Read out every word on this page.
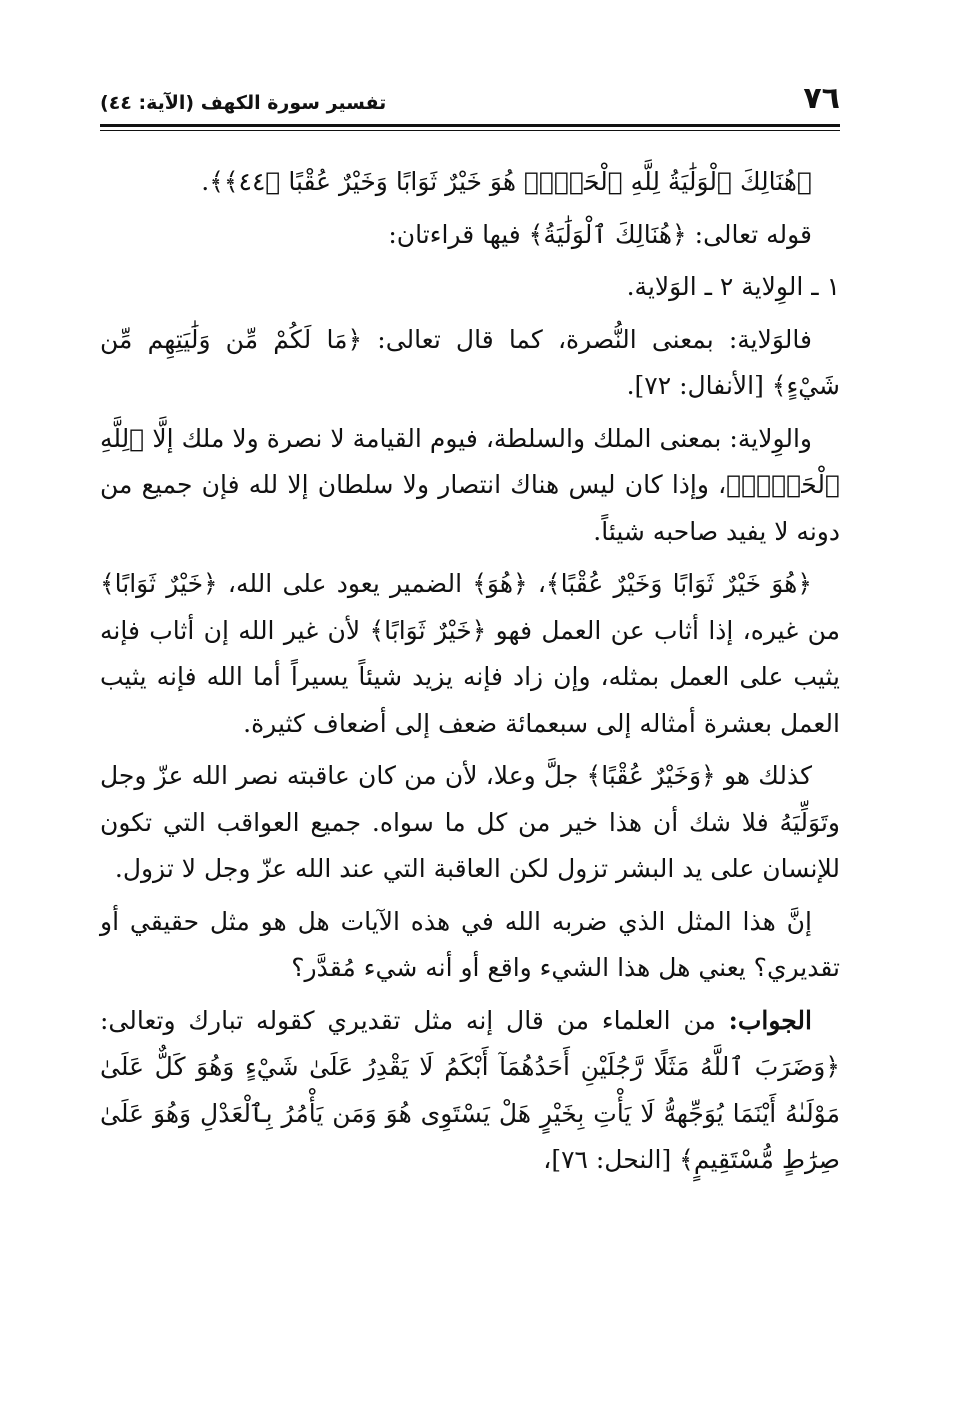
٧٦
تفسير سورة الكهف (الآية: ٤٤)

﴿هُنَالِكَ ٱلْوَلَٰيَةُ لِلَّهِ ٱلْحَقِّۚ هُوَ خَيْرٌ ثَوَابًا وَخَيْرٌ عُقْبًا ﴿٤٤﴾﴾.

قوله تعالى: ﴿هُنَالِكَ ٱلْوَلَٰيَةُ﴾ فيها قراءتان:

١ ـ الوِلاية ٢ ـ الوَلاية.

فالوَلاية: بمعنى النُّصرة، كما قال تعالى: ﴿مَا لَكُمْ مِّن وَلَٰيَتِهِم مِّن شَيْءٍ﴾ [الأنفال: ٧٢].

والوِلاية: بمعنى الملك والسلطة، فيوم القيامة لا نصرة ولا ملك إلَّا ﴿لِلَّهِ ٱلْحَقِّۚ﴾، وإذا كان ليس هناك انتصار ولا سلطان إلا لله فإن جميع من دونه لا يفيد صاحبه شيئاً.

﴿هُوَ خَيْرٌ ثَوَابًا وَخَيْرٌ عُقْبًا﴾، ﴿هُوَ﴾ الضمير يعود على الله، ﴿خَيْرٌ ثَوَابًا﴾ من غيره، إذا أثاب عن العمل فهو ﴿خَيْرٌ ثَوَابًا﴾ لأن غير الله إن أثاب فإنه يثيب على العمل بمثله، وإن زاد فإنه يزيد شيئاً يسيراً أما الله فإنه يثيب العمل بعشرة أمثاله إلى سبعمائة ضعف إلى أضعاف كثيرة.

كذلك هو ﴿وَخَيْرٌ عُقْبًا﴾ جلَّ وعلا، لأن من كان عاقبته نصر الله عزّ وجل وتَوَلِّيَهُ فلا شك أن هذا خير من كل ما سواه. جميع العواقب التي تكون للإنسان على يد البشر تزول لكن العاقبة التي عند الله عزّ وجل لا تزول.

إنَّ هذا المثل الذي ضربه الله في هذه الآيات هل هو مثل حقيقي أو تقديري؟ يعني هل هذا الشيء واقع أو أنه شيء مُقدَّر؟

الجواب: من العلماء من قال إنه مثل تقديري كقوله تبارك وتعالى: ﴿وَضَرَبَ ٱللَّهُ مَثَلًا رَّجُلَيْنِ أَحَدُهُمَآ أَبْكَمُ لَا يَقْدِرُ عَلَىٰ شَيْءٍ وَهُوَ كَلٌّ عَلَىٰ مَوْلَىٰهُ أَيْنَمَا يُوَجِّههُّ لَا يَأْتِ بِخَيْرٍ هَلْ يَسْتَوِى هُوَ وَمَن يَأْمُرُ بِٱلْعَدْلِ وَهُوَ عَلَىٰ صِرَٰطٍ مُّسْتَقِيمٍ﴾ [النحل: ٧٦]،
